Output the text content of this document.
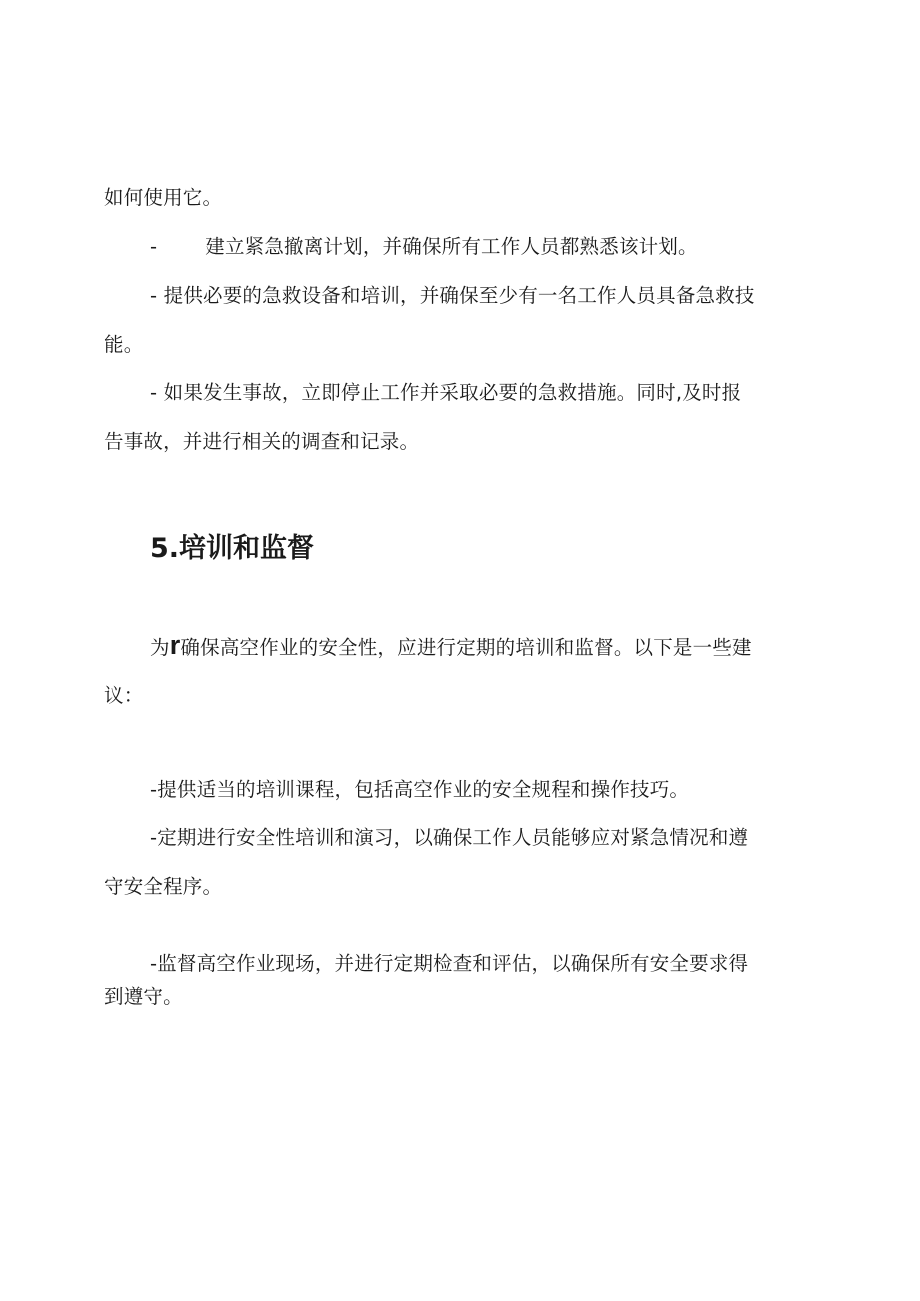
如何使用它。
- 建立紧急撤离计划，并确保所有工作人员都熟悉该计划。
- 提供必要的急救设备和培训，并确保至少有一名工作人员具备急救技
能。
- 如果发生事故，立即停止工作并采取必要的急救措施。同时,及时报
告事故，并进行相关的调查和记录。
5.培训和监督
为r确保高空作业的安全性，应进行定期的培训和监督。以下是一些建
议：
-提供适当的培训课程，包括高空作业的安全规程和操作技巧。
-定期进行安全性培训和演习，以确保工作人员能够应对紧急情况和遵
守安全程序。
-监督高空作业现场，并进行定期检查和评估，以确保所有安全要求得
到遵守。
